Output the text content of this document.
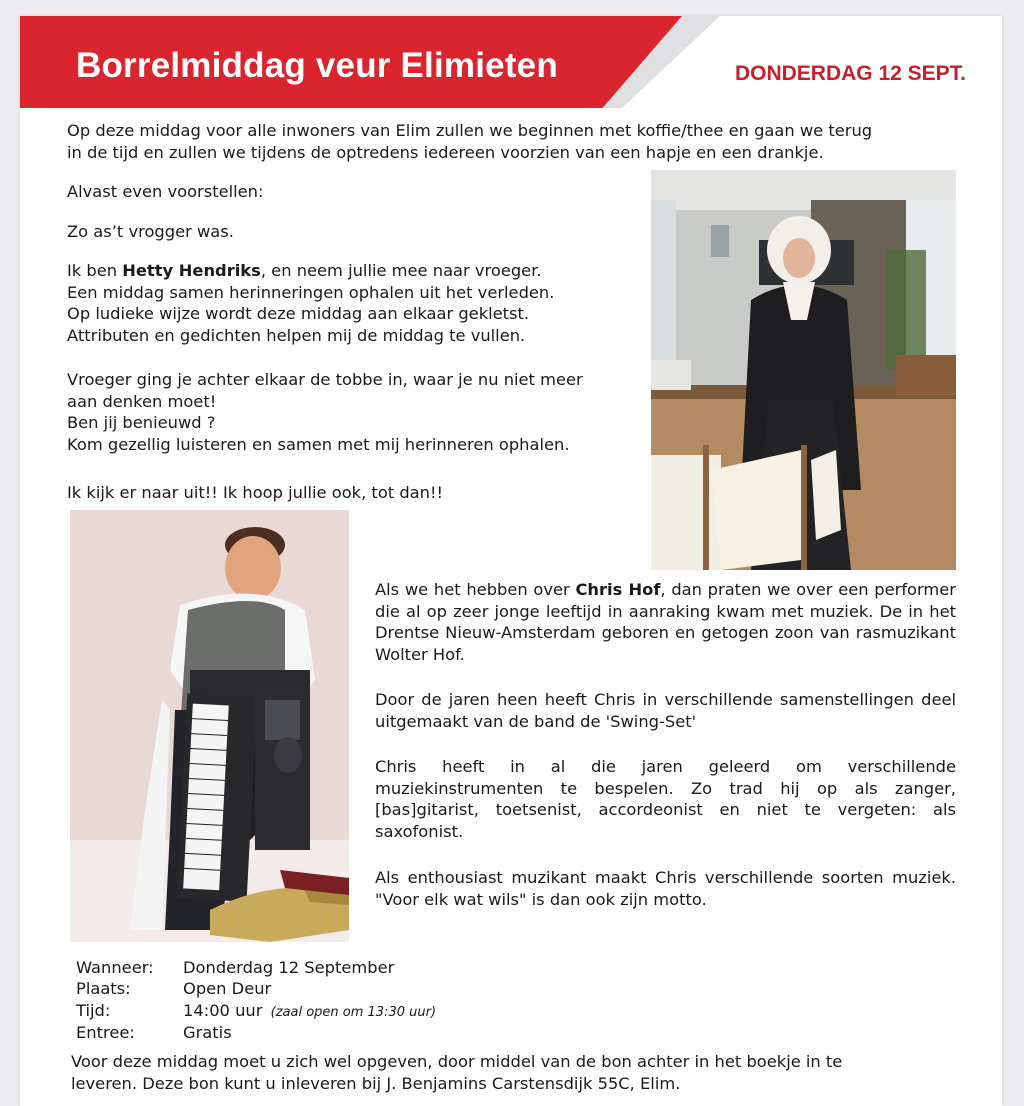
Borrelmiddag veur Elimieten	DONDERDAG 12 SEPT.

Op deze middag voor alle inwoners van Elim zullen we beginnen met koffie/thee en gaan we terug
in de tijd en zullen we tijdens de optredens iedereen voorzien van een hapje en een drankje.

Alvast even voorstellen:

Zo as’t vrogger was.

Ik ben Hetty Hendriks, en neem jullie mee naar vroeger.
Een middag samen herinneringen ophalen uit het verleden.
Op ludieke wijze wordt deze middag aan elkaar gekletst.
Attributen en gedichten helpen mij de middag te vullen.

Vroeger ging je achter elkaar de tobbe in, waar je nu niet meer
aan denken moet!
Ben jij benieuwd ?
Kom gezellig luisteren en samen met mij herinneren ophalen.

Ik kijk er naar uit!! Ik hoop jullie ook, tot dan!!

Als we het hebben over Chris Hof, dan praten we over een performer die al op zeer jonge leeftijd in aanraking kwam met muziek. De in het Drentse Nieuw-Amsterdam geboren en getogen zoon van rasmuzikant Wolter Hof.

Door de jaren heen heeft Chris in verschillende samenstellingen deel uitgemaakt van de band de 'Swing-Set'

Chris heeft in al die jaren geleerd om verschillende muziekinstrumenten te bespelen. Zo trad hij op als zanger, [bas]gitarist, toetsenist, accordeonist en niet te vergeten: als saxofonist.

Als enthousiast muzikant maakt Chris verschillende soorten muziek. "Voor elk wat wils" is dan ook zijn motto.

Wanneer: Donderdag 12 September
Plaats:	Open Deur
Tijd:	14:00 uur (zaal open om 13:30 uur)
Entree:	Gratis

Voor deze middag moet u zich wel opgeven, door middel van de bon achter in het boekje in te
leveren. Deze bon kunt u inleveren bij J. Benjamins Carstensdijk 55C, Elim.
